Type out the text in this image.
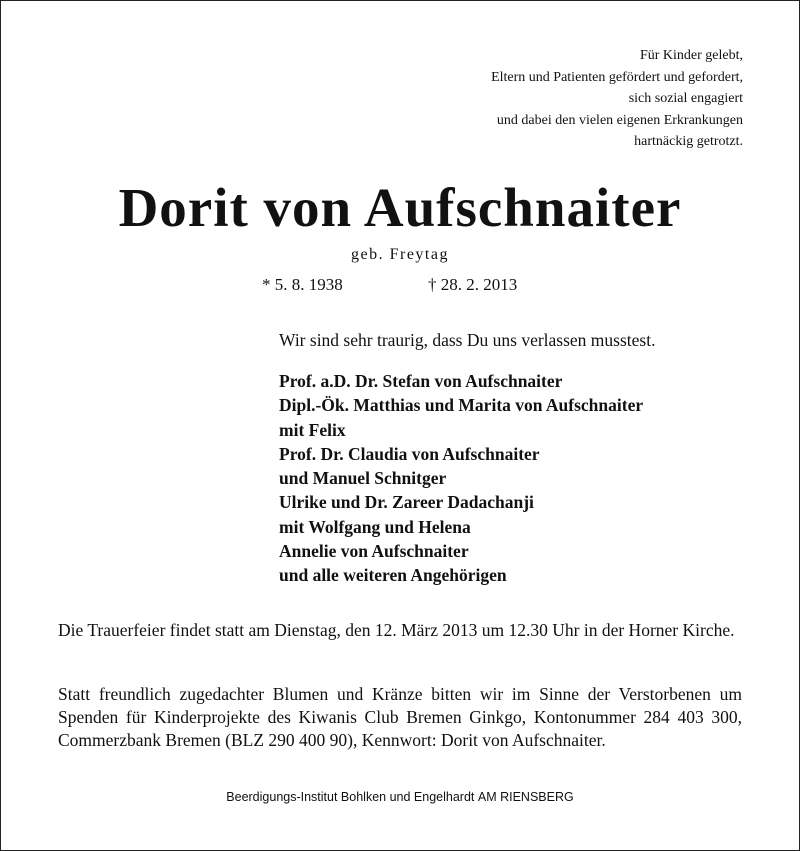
Für Kinder gelebt,
Eltern und Patienten gefördert und gefordert,
sich sozial engagiert
und dabei den vielen eigenen Erkrankungen
hartnäckig getrotzt.
Dorit von Aufschnaiter
geb. Freytag
* 5. 8. 1938	† 28. 2. 2013
Wir sind sehr traurig, dass Du uns verlassen musstest.
Prof. a.D. Dr. Stefan von Aufschnaiter
Dipl.-Ök. Matthias und Marita von Aufschnaiter
mit Felix
Prof. Dr. Claudia von Aufschnaiter
und Manuel Schnitger
Ulrike und Dr. Zareer Dadachanji
mit Wolfgang und Helena
Annelie von Aufschnaiter
und alle weiteren Angehörigen
Die Trauerfeier findet statt am Dienstag, den 12. März 2013 um 12.30 Uhr in der Horner Kirche.
Statt freundlich zugedachter Blumen und Kränze bitten wir im Sinne der Verstorbenen um Spenden für Kinderprojekte des Kiwanis Club Bremen Ginkgo, Kontonummer 284 403 300, Commerzbank Bremen (BLZ 290 400 90), Kennwort: Dorit von Aufschnaiter.
Beerdigungs-Institut Bohlken und Engelhardt AM RIENSBERG
